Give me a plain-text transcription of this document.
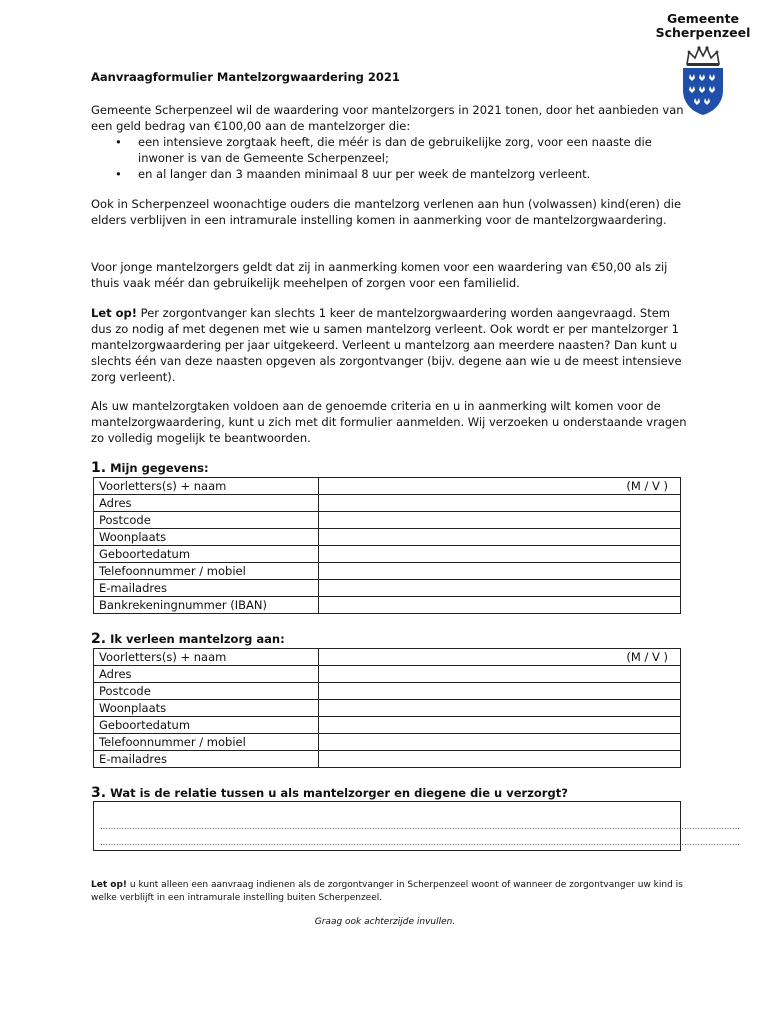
Gemeente
Scherpenzeel
Aanvraagformulier Mantelzorgwaardering 2021
Gemeente Scherpenzeel wil de waardering voor mantelzorgers in 2021 tonen, door het aanbieden van een geld bedrag van €100,00 aan de mantelzorger die:
• een intensieve zorgtaak heeft, die méér is dan de gebruikelijke zorg, voor een naaste die inwoner is van de Gemeente Scherpenzeel;
• en al langer dan 3 maanden minimaal 8 uur per week de mantelzorg verleent.
Ook in Scherpenzeel woonachtige ouders die mantelzorg verlenen aan hun (volwassen) kind(eren) die elders verblijven in een intramurale instelling komen in aanmerking voor de mantelzorgwaardering.
Voor jonge mantelzorgers geldt dat zij in aanmerking komen voor een waardering van €50,00 als zij thuis vaak méér dan gebruikelijk meehelpen of zorgen voor een familielid.
Let op! Per zorgontvanger kan slechts 1 keer de mantelzorgwaardering worden aangevraagd. Stem dus zo nodig af met degenen met wie u samen mantelzorg verleent. Ook wordt er per mantelzorger 1 mantelzorgwaardering per jaar uitgekeerd. Verleent u mantelzorg aan meerdere naasten? Dan kunt u slechts één van deze naasten opgeven als zorgontvanger (bijv. degene aan wie u de meest intensieve zorg verleent).
Als uw mantelzorgtaken voldoen aan de genoemde criteria en u in aanmerking wilt komen voor de mantelzorgwaardering, kunt u zich met dit formulier aanmelden. Wij verzoeken u onderstaande vragen zo volledig mogelijk te beantwoorden.
1. Mijn gegevens:
Voorletters(s) + naam	(M / V )
Adres	
Postcode	
Woonplaats	
Geboortedatum	
Telefoonnummer / mobiel	
E-mailadres	
Bankrekeningnummer (IBAN)	
2. Ik verleen mantelzorg aan:
Voorletters(s) + naam	(M / V )
Adres	
Postcode	
Woonplaats	
Geboortedatum	
Telefoonnummer / mobiel	
E-mailadres	
3. Wat is de relatie tussen u als mantelzorger en diegene die u verzorgt?
……………………………………………………………………………………………………………………………………………………………………………………………………………………
……………………………………………………………………………………………………………………………………………………………………………………………………………………
Let op! u kunt alleen een aanvraag indienen als de zorgontvanger in Scherpenzeel woont of wanneer de zorgontvanger uw kind is welke verblijft in een intramurale instelling buiten Scherpenzeel.
Graag ook achterzijde invullen.
